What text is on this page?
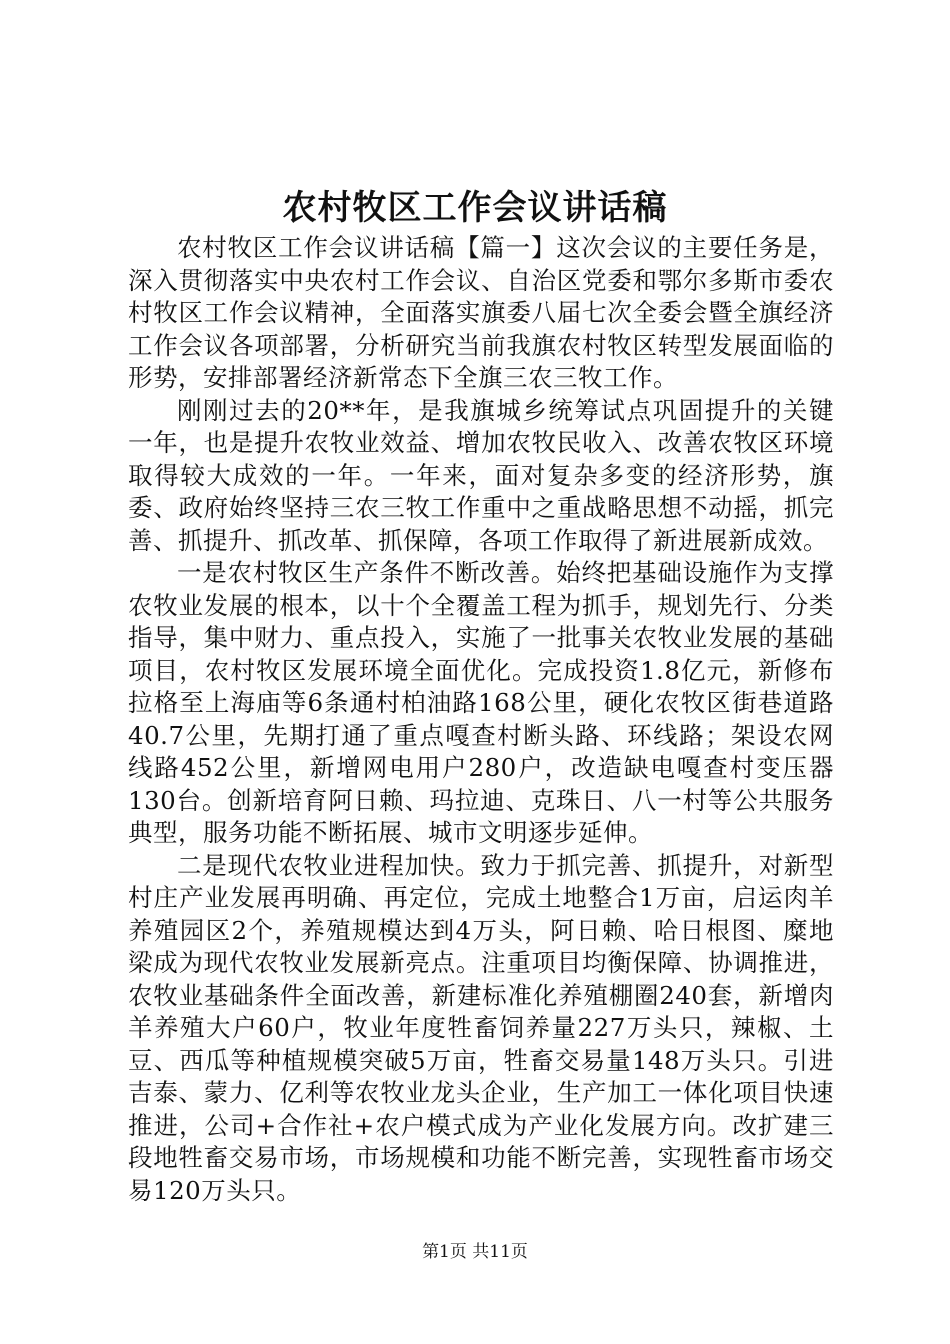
农村牧区工作会议讲话稿

农村牧区工作会议讲话稿【篇一】这次会议的主要任务是，深入贯彻落实中央农村工作会议、自治区党委和鄂尔多斯市委农村牧区工作会议精神，全面落实旗委八届七次全委会暨全旗经济工作会议各项部署，分析研究当前我旗农村牧区转型发展面临的形势，安排部署经济新常态下全旗三农三牧工作。

刚刚过去的20**年，是我旗城乡统筹试点巩固提升的关键一年，也是提升农牧业效益、增加农牧民收入、改善农牧区环境取得较大成效的一年。一年来，面对复杂多变的经济形势，旗委、政府始终坚持三农三牧工作重中之重战略思想不动摇，抓完善、抓提升、抓改革、抓保障，各项工作取得了新进展新成效。

一是农村牧区生产条件不断改善。始终把基础设施作为支撑农牧业发展的根本，以十个全覆盖工程为抓手，规划先行、分类指导，集中财力、重点投入，实施了一批事关农牧业发展的基础项目，农村牧区发展环境全面优化。完成投资1.8亿元，新修布拉格至上海庙等6条通村柏油路168公里，硬化农牧区街巷道路40.7公里，先期打通了重点嘎查村断头路、环线路；架设农网线路452公里，新增网电用户280户，改造缺电嘎查村变压器130台。创新培育阿日赖、玛拉迪、克珠日、八一村等公共服务典型，服务功能不断拓展、城市文明逐步延伸。

二是现代农牧业进程加快。致力于抓完善、抓提升，对新型村庄产业发展再明确、再定位，完成土地整合1万亩，启运肉羊养殖园区2个，养殖规模达到4万头，阿日赖、哈日根图、糜地梁成为现代农牧业发展新亮点。注重项目均衡保障、协调推进，农牧业基础条件全面改善，新建标准化养殖棚圈240套，新增肉羊养殖大户60户，牧业年度牲畜饲养量227万头只，辣椒、土豆、西瓜等种植规模突破5万亩，牲畜交易量148万头只。引进吉泰、蒙力、亿利等农牧业龙头企业，生产加工一体化项目快速推进，公司+合作社+农户模式成为产业化发展方向。改扩建三段地牲畜交易市场，市场规模和功能不断完善，实现牲畜市场交易120万头只。

第1页 共11页
